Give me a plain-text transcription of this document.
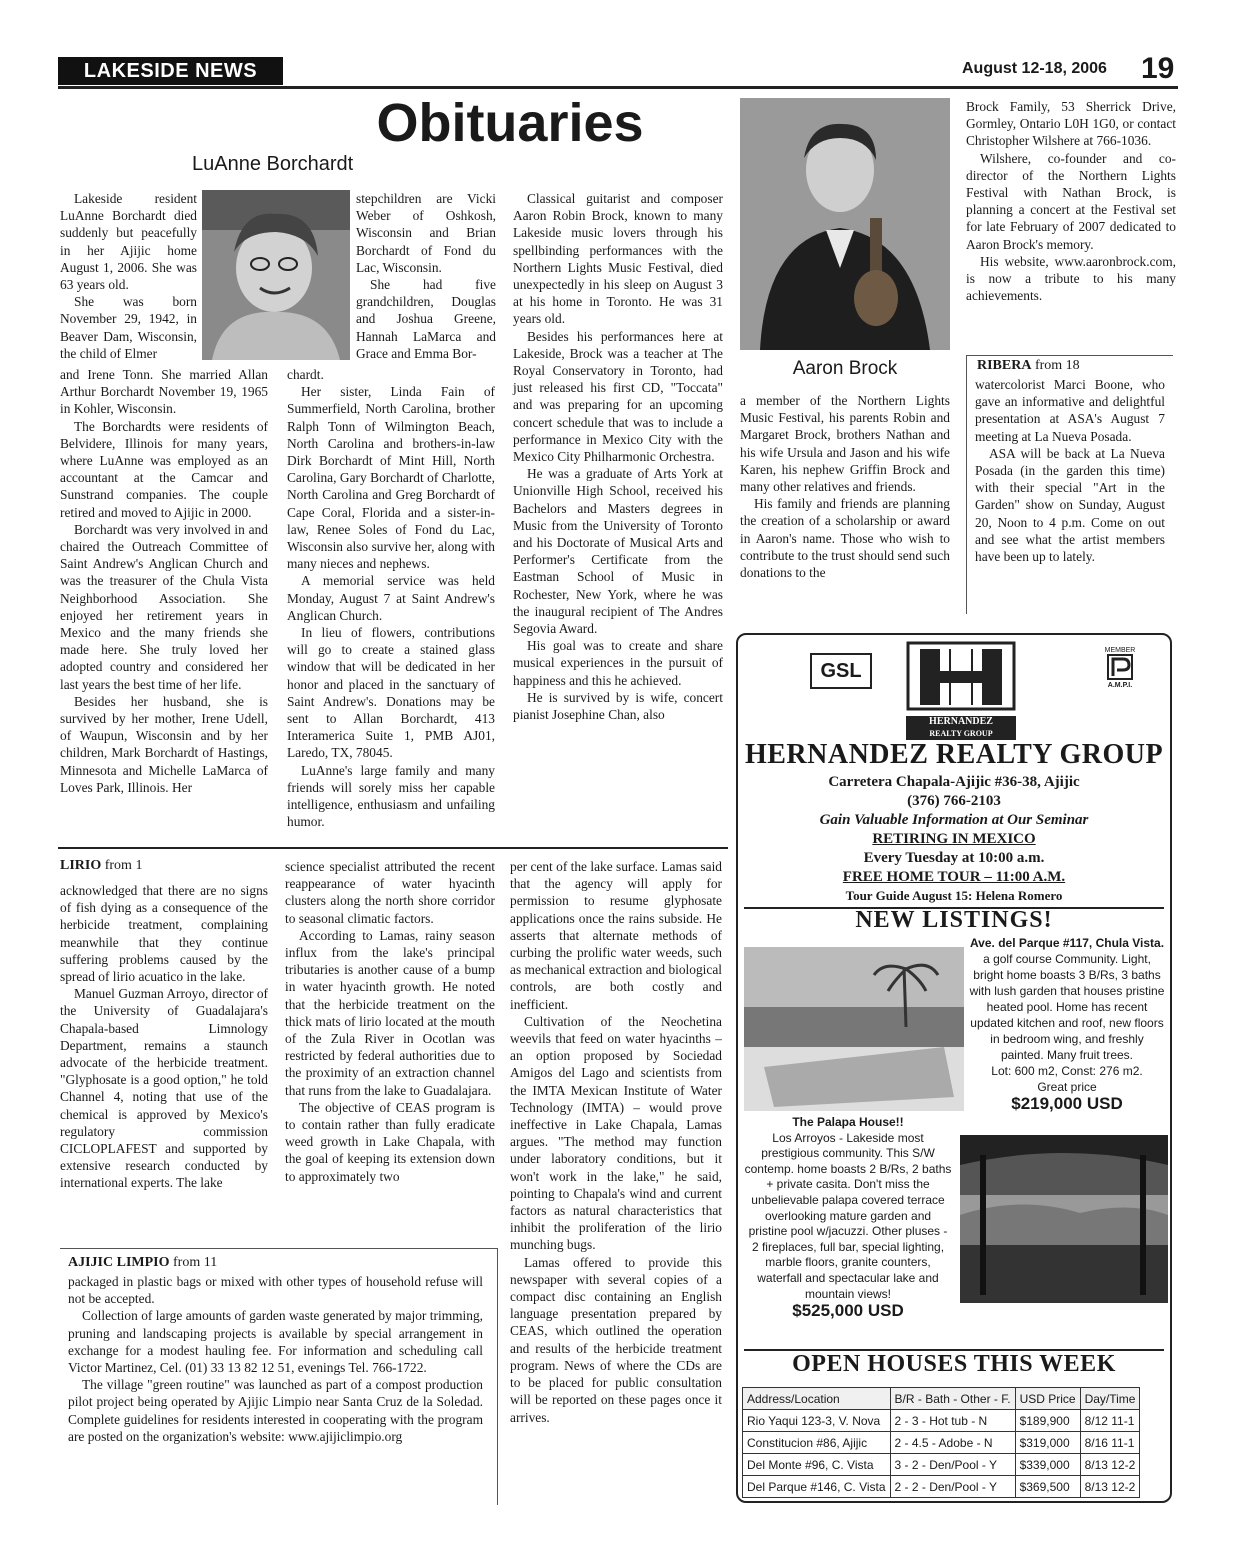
LAKESIDE NEWS	August 12-18, 2006 19
Obituaries
LuAnne Borchardt

Lakeside resident LuAnne Borchardt died suddenly but peacefully in her Ajijic home August 1, 2006. She was 63 years old.

She was born November 29, 1942, in Beaver Dam, Wisconsin, the child of Elmer

stepchildren are Vicki Weber of Oshkosh, Wisconsin and Brian Borchardt of Fond du Lac, Wisconsin.

She had five grandchildren, Douglas and Joshua Greene, Hannah LaMarca and Grace and Emma Bor-

and Irene Tonn. She married Allan Arthur Borchardt November 19, 1965 in Kohler, Wisconsin.

The Borchardts were residents of Belvidere, Illinois for many years, where LuAnne was employed as an accountant at the Camcar and Sunstrand companies. The couple retired and moved to Ajijic in 2000.

Borchardt was very involved in and chaired the Outreach Committee of Saint Andrew's Anglican Church and was the treasurer of the Chula Vista Neighborhood Association. She enjoyed her retirement years in Mexico and the many friends she made here. She truly loved her adopted country and considered her last years the best time of her life.

Besides her husband, she is survived by her mother, Irene Udell, of Waupun, Wisconsin and by her children, Mark Borchardt of Hastings, Minnesota and Michelle LaMarca of Loves Park, Illinois. Her

chardt.

Her sister, Linda Fain of Summerfield, North Carolina, brother Ralph Tonn of Wilmington Beach, North Carolina and brothers-in-law Dirk Borchardt of Mint Hill, North Carolina, Gary Borchardt of Charlotte, North Carolina and Greg Borchardt of Cape Coral, Florida and a sister-in-law, Renee Soles of Fond du Lac, Wisconsin also survive her, along with many nieces and nephews.

A memorial service was held Monday, August 7 at Saint Andrew's Anglican Church.

In lieu of flowers, contributions will go to create a stained glass window that will be dedicated in her honor and placed in the sanctuary of Saint Andrew's. Donations may be sent to Allan Borchardt, 413 Interamerica Suite 1, PMB AJ01, Laredo, TX, 78045.

LuAnne's large family and many friends will sorely miss her capable intelligence, enthusiasm and unfailing humor.

Classical guitarist and composer Aaron Robin Brock, known to many Lakeside music lovers through his spellbinding performances with the Northern Lights Music Festival, died unexpectedly in his sleep on August 3 at his home in Toronto. He was 31 years old.

Besides his performances here at Lakeside, Brock was a teacher at The Royal Conservatory in Toronto, had just released his first CD, "Toccata" and was preparing for an upcoming concert schedule that was to include a performance in Mexico City with the Mexico City Philharmonic Orchestra.

He was a graduate of Arts York at Unionville High School, received his Bachelors and Masters degrees in Music from the University of Toronto and his Doctorate of Musical Arts and Performer's Certificate from the Eastman School of Music in Rochester, New York, where he was the inaugural recipient of The Andres Segovia Award.

His goal was to create and share musical experiences in the pursuit of happiness and this he achieved.

He is survived by is wife, concert pianist Josephine Chan, also

Aaron Brock

a member of the Northern Lights Music Festival, his parents Robin and Margaret Brock, brothers Nathan and his wife Ursula and Jason and his wife Karen, his nephew Griffin Brock and many other relatives and friends.

His family and friends are planning the creation of a scholarship or award in Aaron's name. Those who wish to contribute to the trust should send such donations to the

Brock Family, 53 Sherrick Drive, Gormley, Ontario L0H 1G0, or contact Christopher Wilshere at 766-1036.

Wilshere, co-founder and co-director of the Northern Lights Festival with Nathan Brock, is planning a concert at the Festival set for late February of 2007 dedicated to Aaron Brock's memory.

His website, www.aaronbrock.com, is now a tribute to his many achievements.

RIBERA from 18

watercolorist Marci Boone, who gave an informative and delightful presentation at ASA's August 7 meeting at La Nueva Posada.

ASA will be back at La Nueva Posada (in the garden this time) with their special "Art in the Garden" show on Sunday, August 20, Noon to 4 p.m. Come on out and see what the artist members have been up to lately.

LIRIO from 1

acknowledged that there are no signs of fish dying as a consequence of the herbicide treatment, complaining meanwhile that they continue suffering problems caused by the spread of lirio acuatico in the lake.

Manuel Guzman Arroyo, director of the University of Guadalajara's Chapala-based Limnology Department, remains a staunch advocate of the herbicide treatment. "Glyphosate is a good option," he told Channel 4, noting that use of the chemical is approved by Mexico's regulatory commission CICLOPLAFEST and supported by extensive research conducted by international experts. The lake

science specialist attributed the recent reappearance of water hyacinth clusters along the north shore corridor to seasonal climatic factors.

According to Lamas, rainy season influx from the lake's principal tributaries is another cause of a bump in water hyacinth growth. He noted that the herbicide treatment on the thick mats of lirio located at the mouth of the Zula River in Ocotlan was restricted by federal authorities due to the proximity of an extraction channel that runs from the lake to Guadalajara.

The objective of CEAS program is to contain rather than fully eradicate weed growth in Lake Chapala, with the goal of keeping its extension down to approximately two

per cent of the lake surface. Lamas said that the agency will apply for permission to resume glyphosate applications once the rains subside. He asserts that alternate methods of curbing the prolific water weeds, such as mechanical extraction and biological controls, are both costly and inefficient.

Cultivation of the Neochetina weevils that feed on water hyacinths – an option proposed by Sociedad Amigos del Lago and scientists from the IMTA Mexican Institute of Water Technology (IMTA) – would prove ineffective in Lake Chapala, Lamas argues. "The method may function under laboratory conditions, but it won't work in the lake," he said, pointing to Chapala's wind and current factors as natural characteristics that inhibit the proliferation of the lirio munching bugs.

Lamas offered to provide this newspaper with several copies of a compact disc containing an English language presentation prepared by CEAS, which outlined the operation and results of the herbicide treatment program. News of where the CDs are to be placed for public consultation will be reported on these pages once it arrives.

AJIJIC LIMPIO from 11

packaged in plastic bags or mixed with other types of household refuse will not be accepted.

Collection of large amounts of garden waste generated by major trimming, pruning and landscaping projects is available by special arrangement in exchange for a modest hauling fee. For information and scheduling call Victor Martinez, Cel. (01) 33 13 82 12 51, evenings Tel. 766-1722.

The village "green routine" was launched as part of a compost production pilot project being operated by Ajijic Limpio near Santa Cruz de la Soledad. Complete guidelines for residents interested in cooperating with the program are posted on the organization's website: www.ajijiclimpio.org

GSL
HERNANDEZ
REALTY GROUP
MEMBER
A.M.P.I.
HERNANDEZ REALTY GROUP
Carretera Chapala-Ajijic #36-38, Ajijic
(376) 766-2103
Gain Valuable Information at Our Seminar
RETIRING IN MEXICO
Every Tuesday at 10:00 a.m.
FREE HOME TOUR – 11:00 A.M.
Tour Guide August 15: Helena Romero
NEW LISTINGS!
Ave. del Parque #117, Chula Vista.
a golf course Community. Light, bright home boasts 3 B/Rs, 3 baths with lush garden that houses pristine heated pool. Home has recent updated kitchen and roof, new floors in bedroom wing, and freshly painted. Many fruit trees.
Lot: 600 m2, Const: 276 m2.
Great price
$219,000 USD
The Palapa House!!
Los Arroyos - Lakeside most prestigious community. This S/W contemp. home boasts 2 B/Rs, 2 baths + private casita. Don't miss the unbelievable palapa covered terrace overlooking mature garden and pristine pool w/jacuzzi. Other pluses - 2 fireplaces, full bar, special lighting, marble floors, granite counters, waterfall and spectacular lake and mountain views!
$525,000 USD
OPEN HOUSES THIS WEEK
Address/Location	B/R - Bath - Other - F.	USD Price	Day/Time
Rio Yaqui 123-3, V. Nova	2 - 3 - Hot tub - N	$189,900	8/12 11-1
Constitucion #86, Ajijic	2 - 4.5 - Adobe - N	$319,000	8/16 11-1
Del Monte #96, C. Vista	3 - 2 - Den/Pool - Y	$339,000	8/13 12-2
Del Parque #146, C. Vista	2 - 2 - Den/Pool - Y	$369,500	8/13 12-2
